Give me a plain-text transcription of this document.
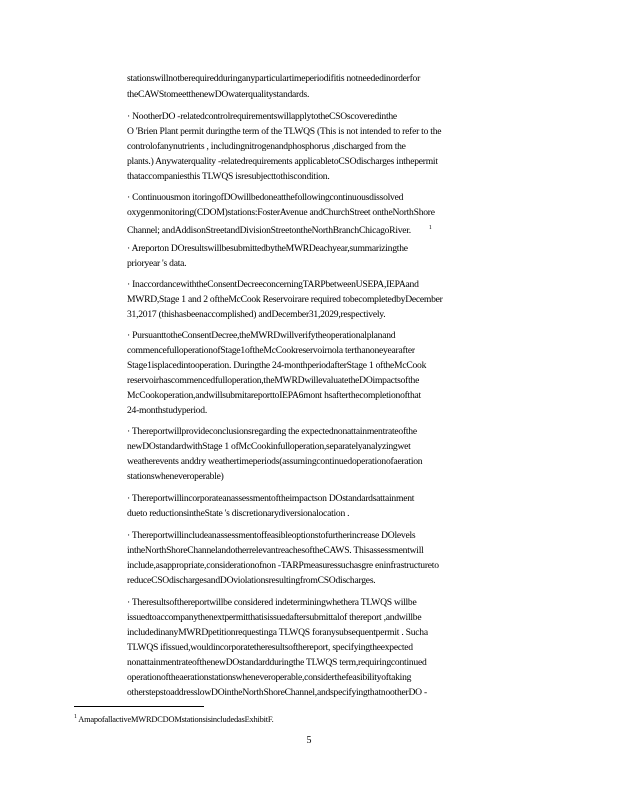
stationswillnotberequiredduringanyparticulartimeperiodifitis notneededinorderfor
theCAWStomeetthenewDOwaterqualitystandards.
· NootherDO -relatedcontrolrequirementswillapplytotheCSOscoveredinthe
O 'Brien Plant permit duringthe term of the TLWQS (This is not intended to refer to the
controlofanynutrients , includingnitrogenandphosphorus ,discharged from the
plants.) Anywaterquality -relatedrequirements applicabletoCSOdischarges inthepermit
thataccompaniesthis TLWQS isresubjecttothiscondition.
· Continuousmon itoringofDOwillbedoneatthefollowingcontinuousdissolved
oxygenmonitoring(CDOM)stations:FosterAvenue andChurchStreet ontheNorthShore
Channel; andAddisonStreetandDivisionStreetontheNorthBranchChicagoRiver.	$^1$
· Areporton DOresultswillbesubmittedbytheMWRDeachyear,summarizingthe
prioryear 's data.
· InaccordancewiththeConsentDecreeconcerningTARPbetweenUSEPA,IEPAand
MWRD,Stage 1 and 2 oftheMcCook Reservoirare required tobecompletedbyDecember
31,2017 (thishasbeenaccomplished) andDecember31,2029,respectively.
· PursuanttotheConsentDecree,theMWRDwillverifytheoperationalplanand
commencefulloperationofStage1oftheMcCookreservoirnola terthanoneyearafter
Stage1isplacedintooperation. Duringthe 24-monthperiodafterStage 1 oftheMcCook
reservoirhascommencedfulloperation,theMWRDwillevaluatetheDOimpactsofthe
McCookoperation,andwillsubmitareporttoIEPA6mont hsafterthecompletionofthat
24-monthstudyperiod.
· Thereportwillprovideconclusionsregarding the expectednonattainmentrateofthe
newDOstandardwithStage 1 ofMcCookinfulloperation,separatelyanalyzingwet
weatherevents anddry weathertimeperiods(assumingcontinuedoperationofaeration
stationswheneveroperable)
· Thereportwillincorporateanassessmentoftheimpactson DOstandardsattainment
dueto reductionsintheState 's discretionarydiversionalocation .
· Thereportwillincludeanassessmentoffeasibleoptionstofurtherincrease DOlevels
intheNorthShoreChannelandotherrelevantreachesoftheCAWS. Thisassessmentwill
include,asappropriate,considerationofnon -TARPmeasuressuchasgre eninfrastructureto
reduceCSOdischargesandDOviolationsresultingfromCSOdischarges.
· Theresultsofthereportwillbe considered indeterminingwhethera TLWQS willbe
issuedtoaccompanythenextpermitthatisissuedaftersubmittalof thereport ,andwillbe
includedinanyMWRDpetitionrequestinga TLWQS foranysubsequentpermit . Sucha
TLWQS ifissued,wouldincorporatetheresultsofthereport, specifyingtheexpected
nonattainmentrateofthenewDOstandardduringthe TLWQS term,requiringcontinued
operationoftheaerationstationswheneveroperable,considerthefeasibilityoftaking
otherstepstoaddresslowDOintheNorthShoreChannel,andspecifyingthatnootherDO -
$^1$ AmapofallactiveMWRDCDOMstationsisincludedasExhibitF.
5
